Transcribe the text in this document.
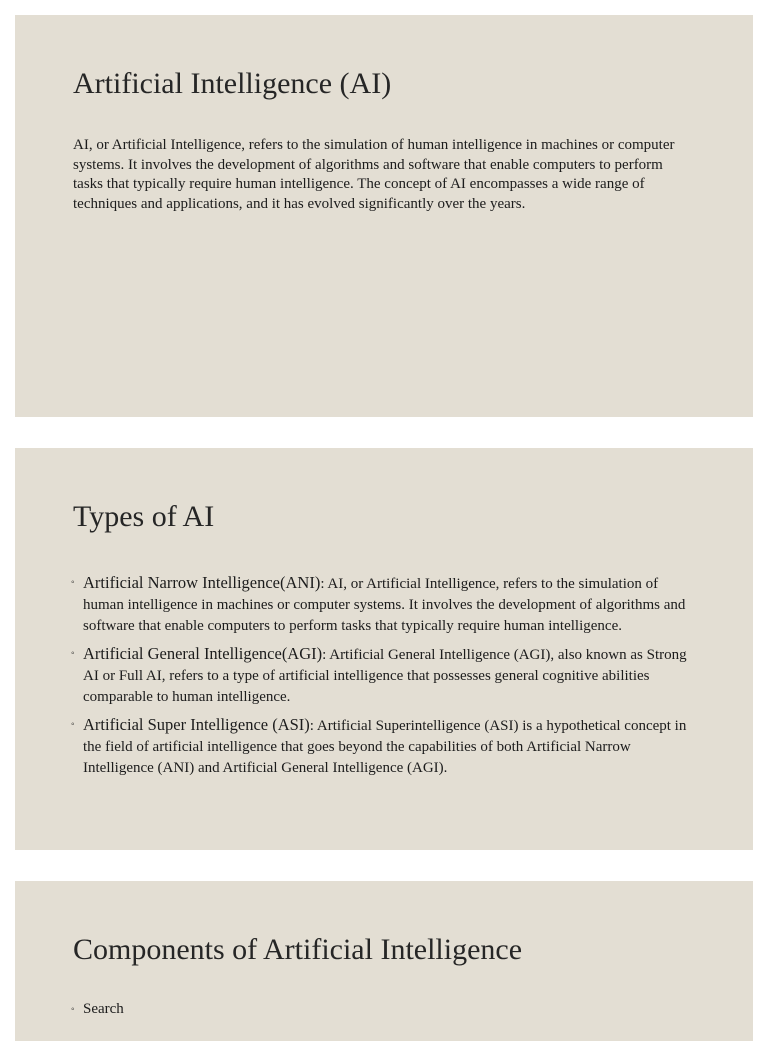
Artificial Intelligence (AI)

AI, or Artificial Intelligence, refers to the simulation of human intelligence in machines or computer systems. It involves the development of algorithms and software that enable computers to perform tasks that typically require human intelligence. The concept of AI encompasses a wide range of techniques and applications, and it has evolved significantly over the years.

Types of AI
◦ Artificial Narrow Intelligence(ANI): AI, or Artificial Intelligence, refers to the simulation of human intelligence in machines or computer systems. It involves the development of algorithms and software that enable computers to perform tasks that typically require human intelligence.
◦ Artificial General Intelligence(AGI): Artificial General Intelligence (AGI), also known as Strong AI or Full AI, refers to a type of artificial intelligence that possesses general cognitive abilities comparable to human intelligence.
◦ Artificial Super Intelligence (ASI): Artificial Superintelligence (ASI) is a hypothetical concept in the field of artificial intelligence that goes beyond the capabilities of both Artificial Narrow Intelligence (ANI) and Artificial General Intelligence (AGI).
Components of Artificial Intelligence
◦ Search
